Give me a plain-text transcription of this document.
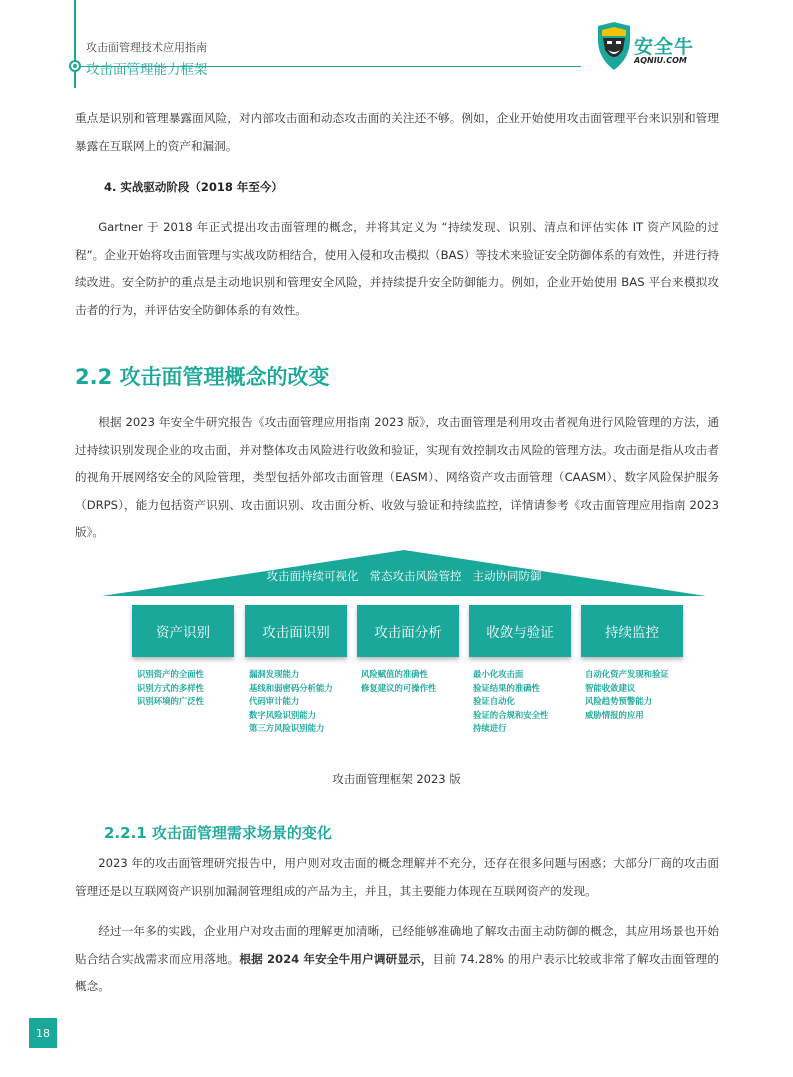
攻击面管理技术应用指南
攻击面管理能力框架
安全牛
AQNIU.COM
重点是识别和管理暴露面风险，对内部攻击面和动态攻击面的关注还不够。例如，企业开始使用攻击面管理平台来识别和管理暴露在互联网上的资产和漏洞。
4. 实战驱动阶段（2018 年至今）
Gartner 于 2018 年正式提出攻击面管理的概念，并将其定义为 “持续发现、识别、清点和评估实体 IT 资产风险的过程”。企业开始将攻击面管理与实战攻防相结合，使用入侵和攻击模拟（BAS）等技术来验证安全防御体系的有效性，并进行持续改进。安全防护的重点是主动地识别和管理安全风险，并持续提升安全防御能力。例如，企业开始使用 BAS 平台来模拟攻击者的行为，并评估安全防御体系的有效性。
2.2 攻击面管理概念的改变
根据 2023 年安全牛研究报告《攻击面管理应用指南 2023 版》，攻击面管理是利用攻击者视角进行风险管理的方法，通过持续识别发现企业的攻击面，并对整体攻击风险进行收敛和验证，实现有效控制攻击风险的管理方法。攻击面是指从攻击者的视角开展网络安全的风险管理，类型包括外部攻击面管理（EASM）、网络资产攻击面管理（CAASM）、数字风险保护服务（DRPS），能力包括资产识别、攻击面识别、攻击面分析、收敛与验证和持续监控，详情请参考《攻击面管理应用指南 2023 版》。
攻击面持续可视化   常态攻击风险管控   主动协同防御
资产识别	攻击面识别	攻击面分析	收敛与验证	持续监控
识别资产的全面性
识别方式的多样性
识别环境的广泛性
漏洞发现能力
基线和弱密码分析能力
代码审计能力
数字风险识别能力
第三方风险识别能力
风险赋值的准确性
修复建议的可操作性
最小化攻击面
验证结果的准确性
验证自动化
验证的合规和安全性
持续进行
自动化资产发现和验证
智能收敛建议
风险趋势预警能力
威胁情报的应用
攻击面管理框架 2023 版
2.2.1 攻击面管理需求场景的变化
2023 年的攻击面管理研究报告中，用户则对攻击面的概念理解并不充分，还存在很多问题与困惑；大部分厂商的攻击面管理还是以互联网资产识别加漏洞管理组成的产品为主，并且，其主要能力体现在互联网资产的发现。
经过一年多的实践，企业用户对攻击面的理解更加清晰，已经能够准确地了解攻击面主动防御的概念，其应用场景也开始贴合结合实战需求而应用落地。根据 2024 年安全牛用户调研显示，目前 74.28% 的用户表示比较或非常了解攻击面管理的概念。
18
